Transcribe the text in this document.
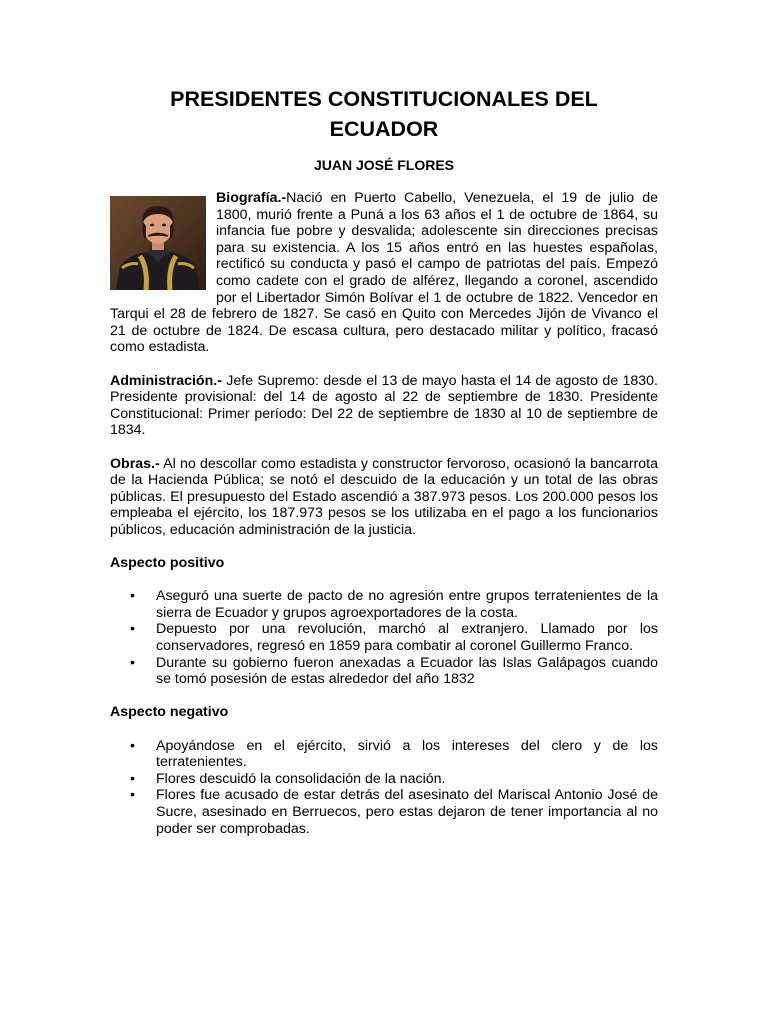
PRESIDENTES CONSTITUCIONALES DEL ECUADOR
JUAN JOSÉ FLORES
Biografía.-Nació en Puerto Cabello, Venezuela, el 19 de julio de 1800, murió frente a Puná a los 63 años el 1 de octubre de 1864, su infancia fue pobre y desvalida; adolescente sin direcciones precisas para su existencia. A los 15 años entró en las huestes españolas, rectificó su conducta y pasó el campo de patriotas del país. Empezó como cadete con el grado de alférez, llegando a coronel, ascendido por el Libertador Simón Bolívar el 1 de octubre de 1822. Vencedor en Tarqui el 28 de febrero de 1827. Se casó en Quito con Mercedes Jijón de Vivanco el 21 de octubre de 1824. De escasa cultura, pero destacado militar y político, fracasó como estadista.

Administración.- Jefe Supremo: desde el 13 de mayo hasta el 14 de agosto de 1830. Presidente provisional: del 14 de agosto al 22 de septiembre de 1830. Presidente Constitucional: Primer período: Del 22 de septiembre de 1830 al 10 de septiembre de 1834.

Obras.- Al no descollar como estadista y constructor fervoroso, ocasionó la bancarrota de la Hacienda Pública; se notó el descuido de la educación y un total de las obras públicas. El presupuesto del Estado ascendió a 387.973 pesos. Los 200.000 pesos los empleaba el ejército, los 187.973 pesos se los utilizaba en el pago a los funcionarios públicos, educación administración de la justicia.

Aspecto positivo

• Aseguró una suerte de pacto de no agresión entre grupos terratenientes de la sierra de Ecuador y grupos agroexportadores de la costa.
• Depuesto por una revolución, marchó al extranjero. Llamado por los conservadores, regresó en 1859 para combatir al coronel Guillermo Franco.
• Durante su gobierno fueron anexadas a Ecuador las Islas Galápagos cuando se tomó posesión de estas alrededor del año 1832

Aspecto negativo

• Apoyándose en el ejército, sirvió a los intereses del clero y de los terratenientes.
• Flores descuidó la consolidación de la nación.
• Flores fue acusado de estar detrás del asesinato del Mariscal Antonio José de Sucre, asesinado en Berruecos, pero estas dejaron de tener importancia al no poder ser comprobadas.
